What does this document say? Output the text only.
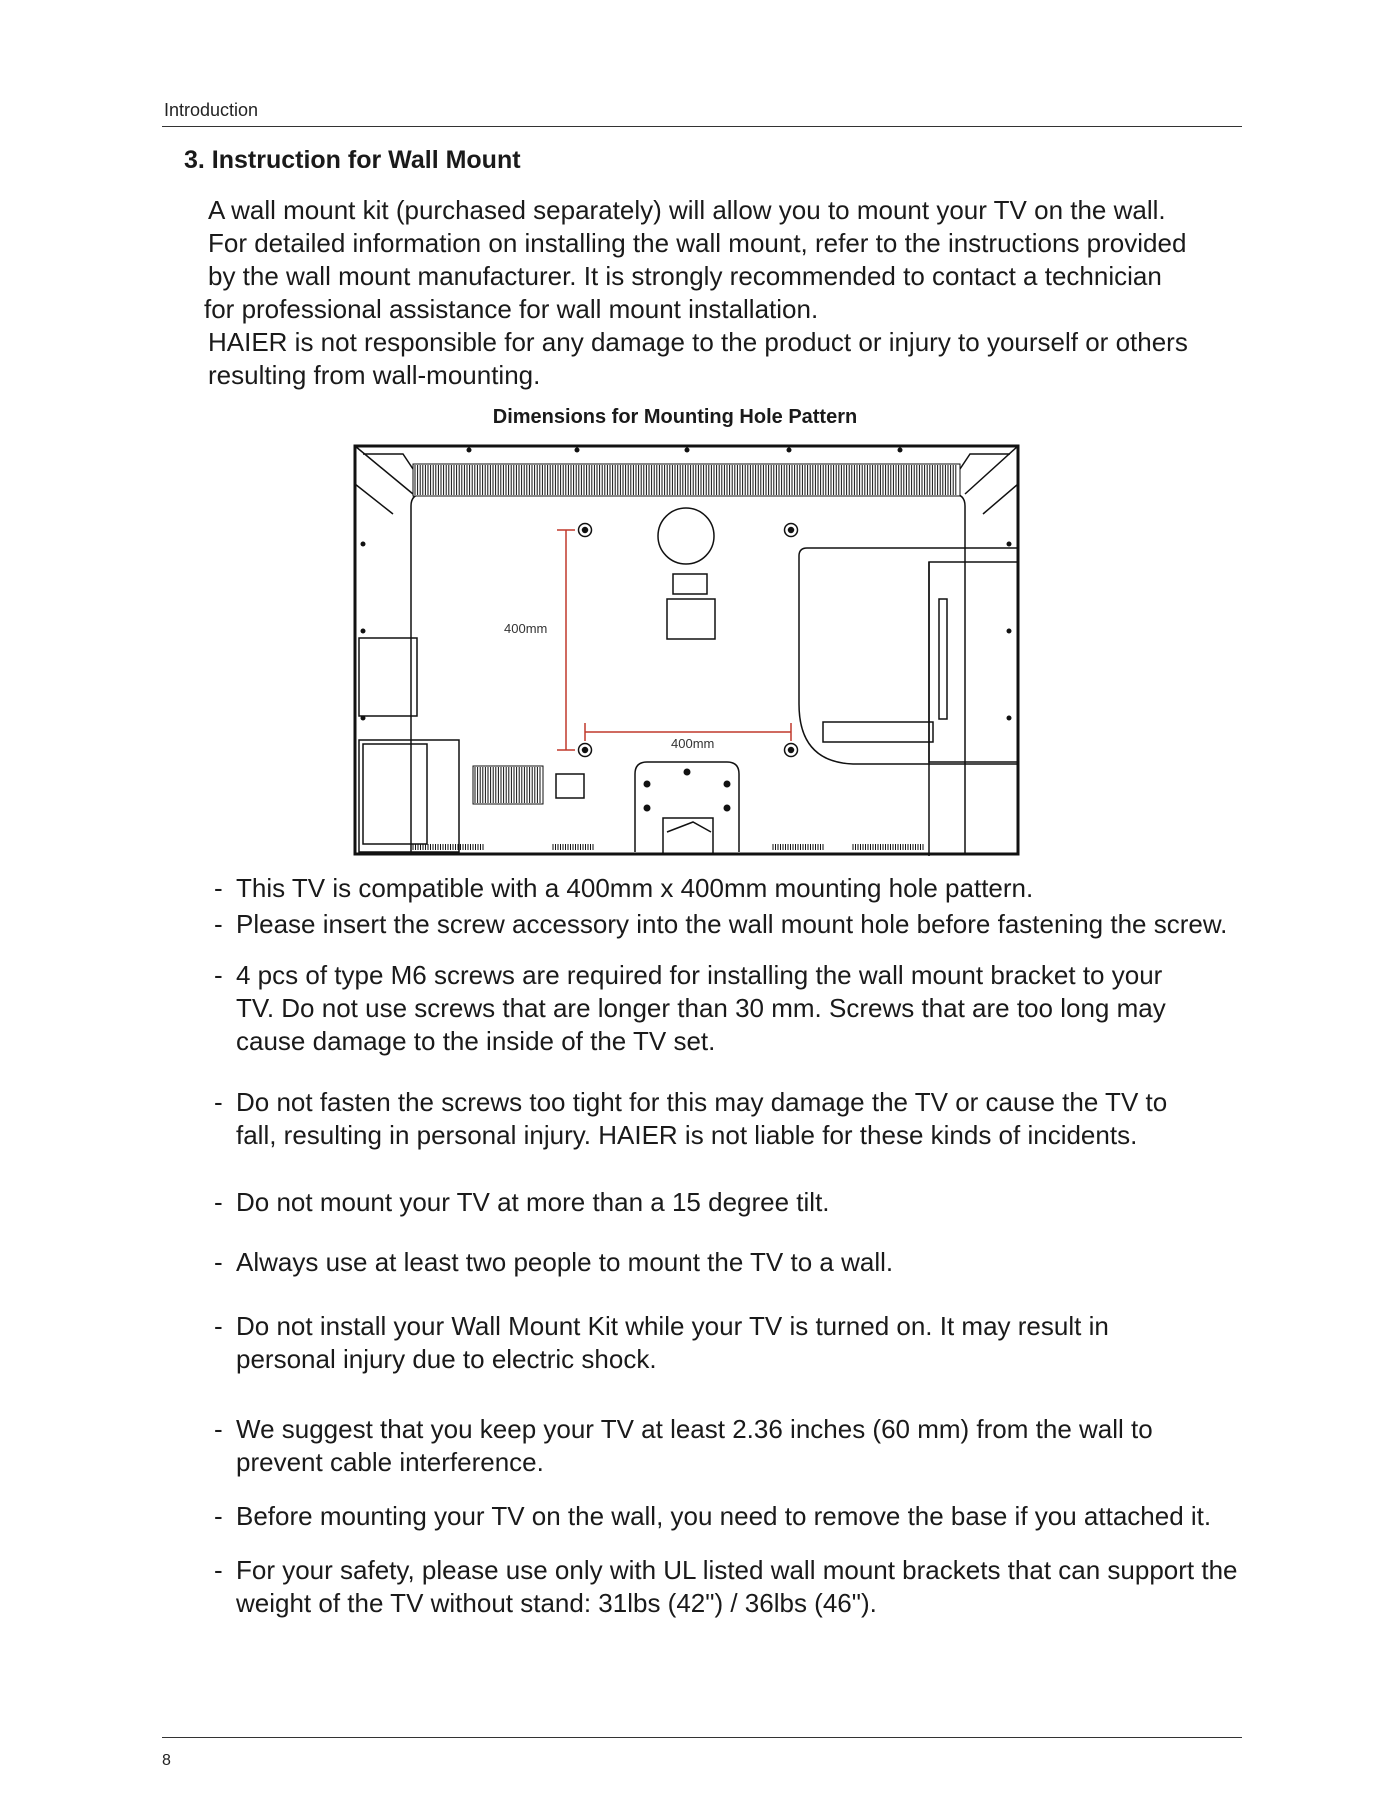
Introduction
3. Instruction for Wall Mount

A wall mount kit (purchased separately) will allow you to mount your TV on the wall.

For detailed information on installing the wall mount, refer to the instructions provided

by the wall mount manufacturer. It is strongly recommended to contact a technician

for professional assistance for wall mount installation.

HAIER is not responsible for any damage to the product or injury to yourself or others

resulting from wall-mounting.

Dimensions for Mounting Hole Pattern
400mm
400mm
- This TV is compatible with a 400mm x 400mm mounting hole pattern.
- Please insert the screw accessory into the wall mount hole before fastening the screw.
- 4 pcs of type M6 screws are required for installing the wall mount bracket to your TV. Do not use screws that are longer than 30 mm. Screws that are too long may cause damage to the inside of the TV set.
- Do not fasten the screws too tight for this may damage the TV or cause the TV to fall, resulting in personal injury. HAIER is not liable for these kinds of incidents.
- Do not mount your TV at more than a 15 degree tilt.
- Always use at least two people to mount the TV to a wall.
- Do not install your Wall Mount Kit while your TV is turned on. It may result in personal injury due to electric shock.
- We suggest that you keep your TV at least 2.36 inches (60 mm) from the wall to prevent cable interference.
- Before mounting your TV on the wall, you need to remove the base if you attached it.
- For your safety, please use only with UL listed wall mount brackets that can support the weight of the TV without stand: 31lbs (42") / 36lbs (46").
8
